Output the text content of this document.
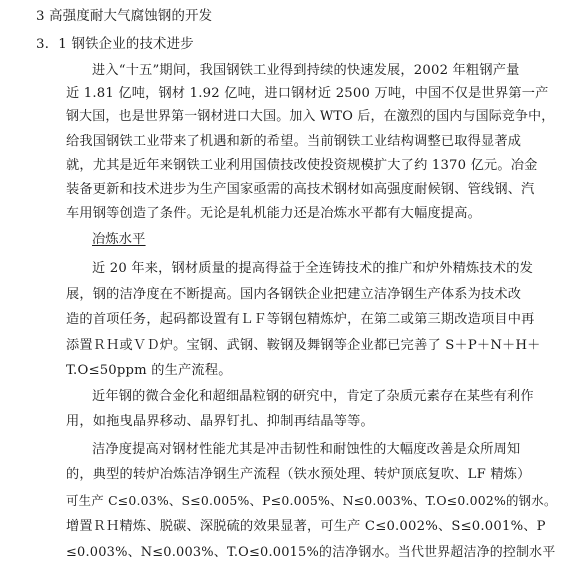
3 高强度耐大气腐蚀钢的开发
3．1 钢铁企业的技术进步
进入“十五”期间，我国钢铁工业得到持续的快速发展，2002 年粗钢产量
近 1.81 亿吨，钢材 1.92 亿吨，进口钢材近 2500 万吨，中国不仅是世界第一产
钢大国，也是世界第一钢材进口大国。加入 WTO 后，在激烈的国内与国际竞争中，
给我国钢铁工业带来了机遇和新的希望。当前钢铁工业结构调整已取得显著成
就，尤其是近年来钢铁工业利用国债技改使投资规模扩大了约 1370 亿元。冶金
装备更新和技术进步为生产国家亟需的高技术钢材如高强度耐候钢、管线钢、汽
车用钢等创造了条件。无论是轧机能力还是冶炼水平都有大幅度提高。
冶炼水平
近 20 年来，钢材质量的提高得益于全连铸技术的推广和炉外精炼技术的发
展，钢的洁净度在不断提高。国内各钢铁企业把建立洁净钢生产体系为技术改
造的首项任务，起码都设置有ＬＦ等钢包精炼炉，在第二或第三期改造项目中再
添置ＲＨ或ＶＤ炉。宝钢、武钢、鞍钢及舞钢等企业都已完善了 S＋P＋N＋H＋
T.O≤50ppm 的生产流程。
近年钢的微合金化和超细晶粒钢的研究中，肯定了杂质元素存在某些有利作
用，如拖曳晶界移动、晶界钉扎、抑制再结晶等等。
洁净度提高对钢材性能尤其是冲击韧性和耐蚀性的大幅度改善是众所周知
的，典型的转炉冶炼洁净钢生产流程（铁水预处理、转炉顶底复吹、LF 精炼）
可生产 C≤0.03%、S≤0.005%、P≤0.005%、N≤0.003%、T.O≤0.002%的钢水。
增置ＲＨ精炼、脱碳、深脱硫的效果显著，可生产 C≤0.002%、S≤0.001%、P
≤0.003%、N≤0.003%、T.O≤0.0015%的洁净钢水。当代世界超洁净的控制水平
